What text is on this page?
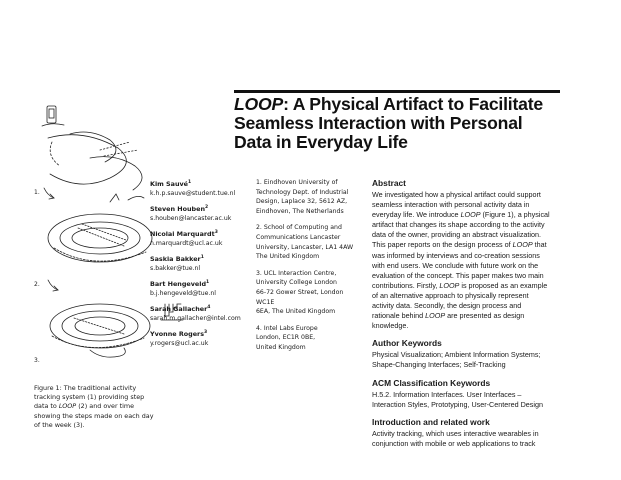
LOOP: A Physical Artifact to Facilitate
Seamless Interaction with Personal
Data in Everyday Life
1.
2.
3.
Figure 1: The traditional activity tracking system (1) providing step data to LOOP (2) and over time showing the steps made on each day of the week (3).
Kim Sauvé$^1$
k.h.p.sauve@student.tue.nl
Steven Houben$^2$
s.houben@lancaster.ac.uk
Nicolai Marquardt$^3$
n.marquardt@ucl.ac.uk
Saskia Bakker$^1$
s.bakker@tue.nl
Bart Hengeveld$^1$
b.j.hengeveld@tue.nl
Sarah Gallacher$^4$
sarah.m.gallacher@intel.com
Yvonne Rogers$^3$
y.rogers@ucl.ac.uk
1. Eindhoven University of
Technology Dept. of Industrial
Design, Laplace 32, 5612 AZ,
Eindhoven, The Netherlands
2. School of Computing and
Communications Lancaster
University, Lancaster, LA1 4AW
The United Kingdom
3. UCL Interaction Centre,
University College London
66-72 Gower Street, London WC1E
6EA, The United Kingdom
4. Intel Labs Europe
London, EC1R 0BE,
United Kingdom
Abstract
We investigated how a physical artifact could support
seamless interaction with personal activity data in
everyday life. We introduce LOOP (Figure 1), a physical
artifact that changes its shape according to the activity
data of the owner, providing an abstract visualization.
This paper reports on the design process of LOOP that
was informed by interviews and co-creation sessions
with end users. We conclude with future work on the
evaluation of the concept. This paper makes two main
contributions. Firstly, LOOP is proposed as an example
of an alternative approach to physically represent
activity data. Secondly, the design process and
rationale behind LOOP are presented as design
knowledge.
Author Keywords
Physical Visualization; Ambient Information Systems;
Shape-Changing Interfaces; Self-Tracking
ACM Classification Keywords
H.5.2. Information Interfaces. User Interfaces –
Interaction Styles, Prototyping, User-Centered Design
Introduction and related work
Activity tracking, which uses interactive wearables in
conjunction with mobile or web applications to track
